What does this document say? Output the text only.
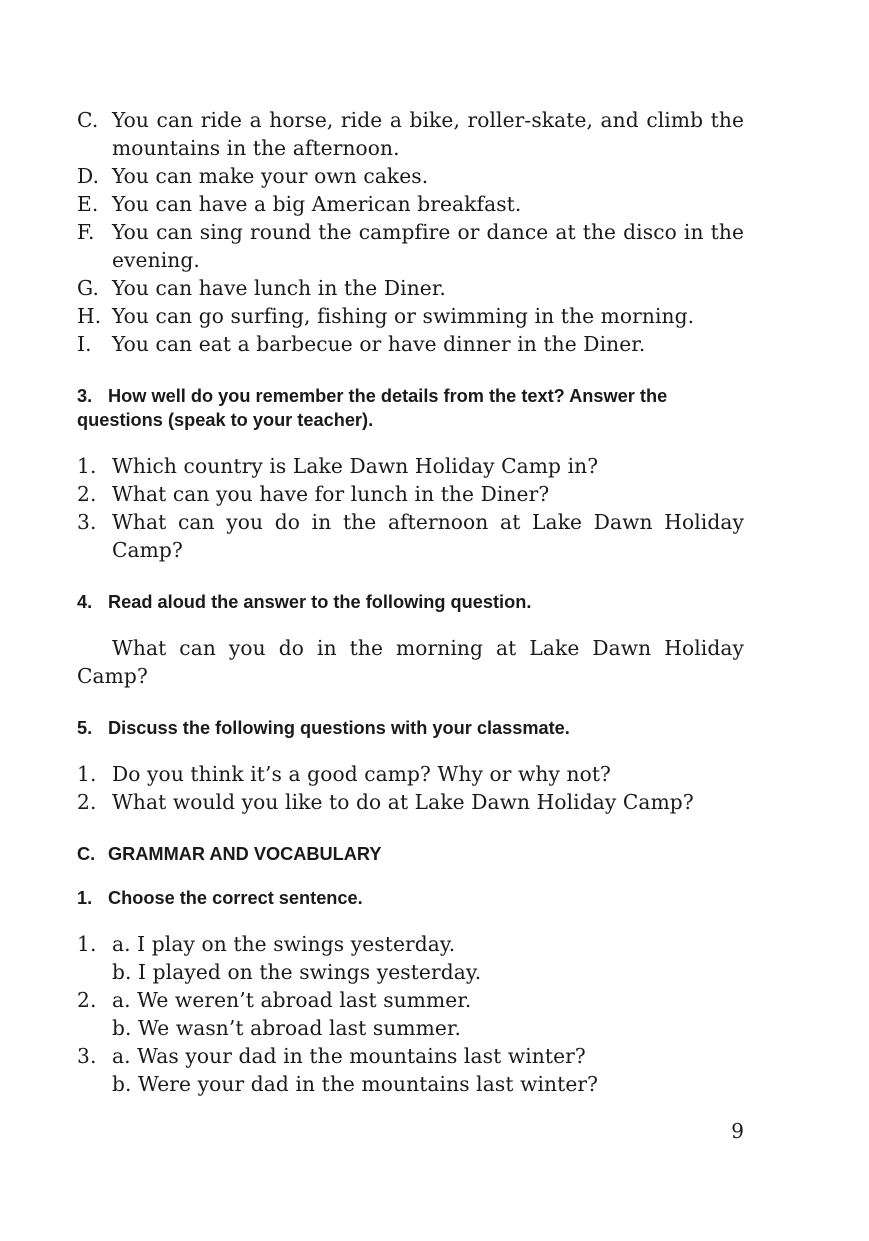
C. You can ride a horse, ride a bike, roller-skate, and climb the mountains in the afternoon.
D. You can make your own cakes.
E. You can have a big American breakfast.
F. You can sing round the campfire or dance at the disco in the evening.
G. You can have lunch in the Diner.
H. You can go surfing, fishing or swimming in the morning.
I.	You can eat a barbecue or have dinner in the Diner.
3. How well do you remember the details from the text? Answer the questions (speak to your teacher).
1. Which country is Lake Dawn Holiday Camp in?
2. What can you have for lunch in the Diner?
3. What can you do in the afternoon at Lake Dawn Holiday Camp?
4. Read aloud the answer to the following question.
What can you do in the morning at Lake Dawn Holiday Camp?
5. Discuss the following questions with your classmate.
1. Do you think it’s a good camp? Why or why not?
2. What would you like to do at Lake Dawn Holiday Camp?
C. GRAMMAR AND VOCABULARY
1. Choose the correct sentence.
1. a. I play on the swings yesterday.
b. I played on the swings yesterday.
2. a. We weren’t abroad last summer.
b. We wasn’t abroad last summer.
3. a. Was your dad in the mountains last winter?
b. Were your dad in the mountains last winter?
9
